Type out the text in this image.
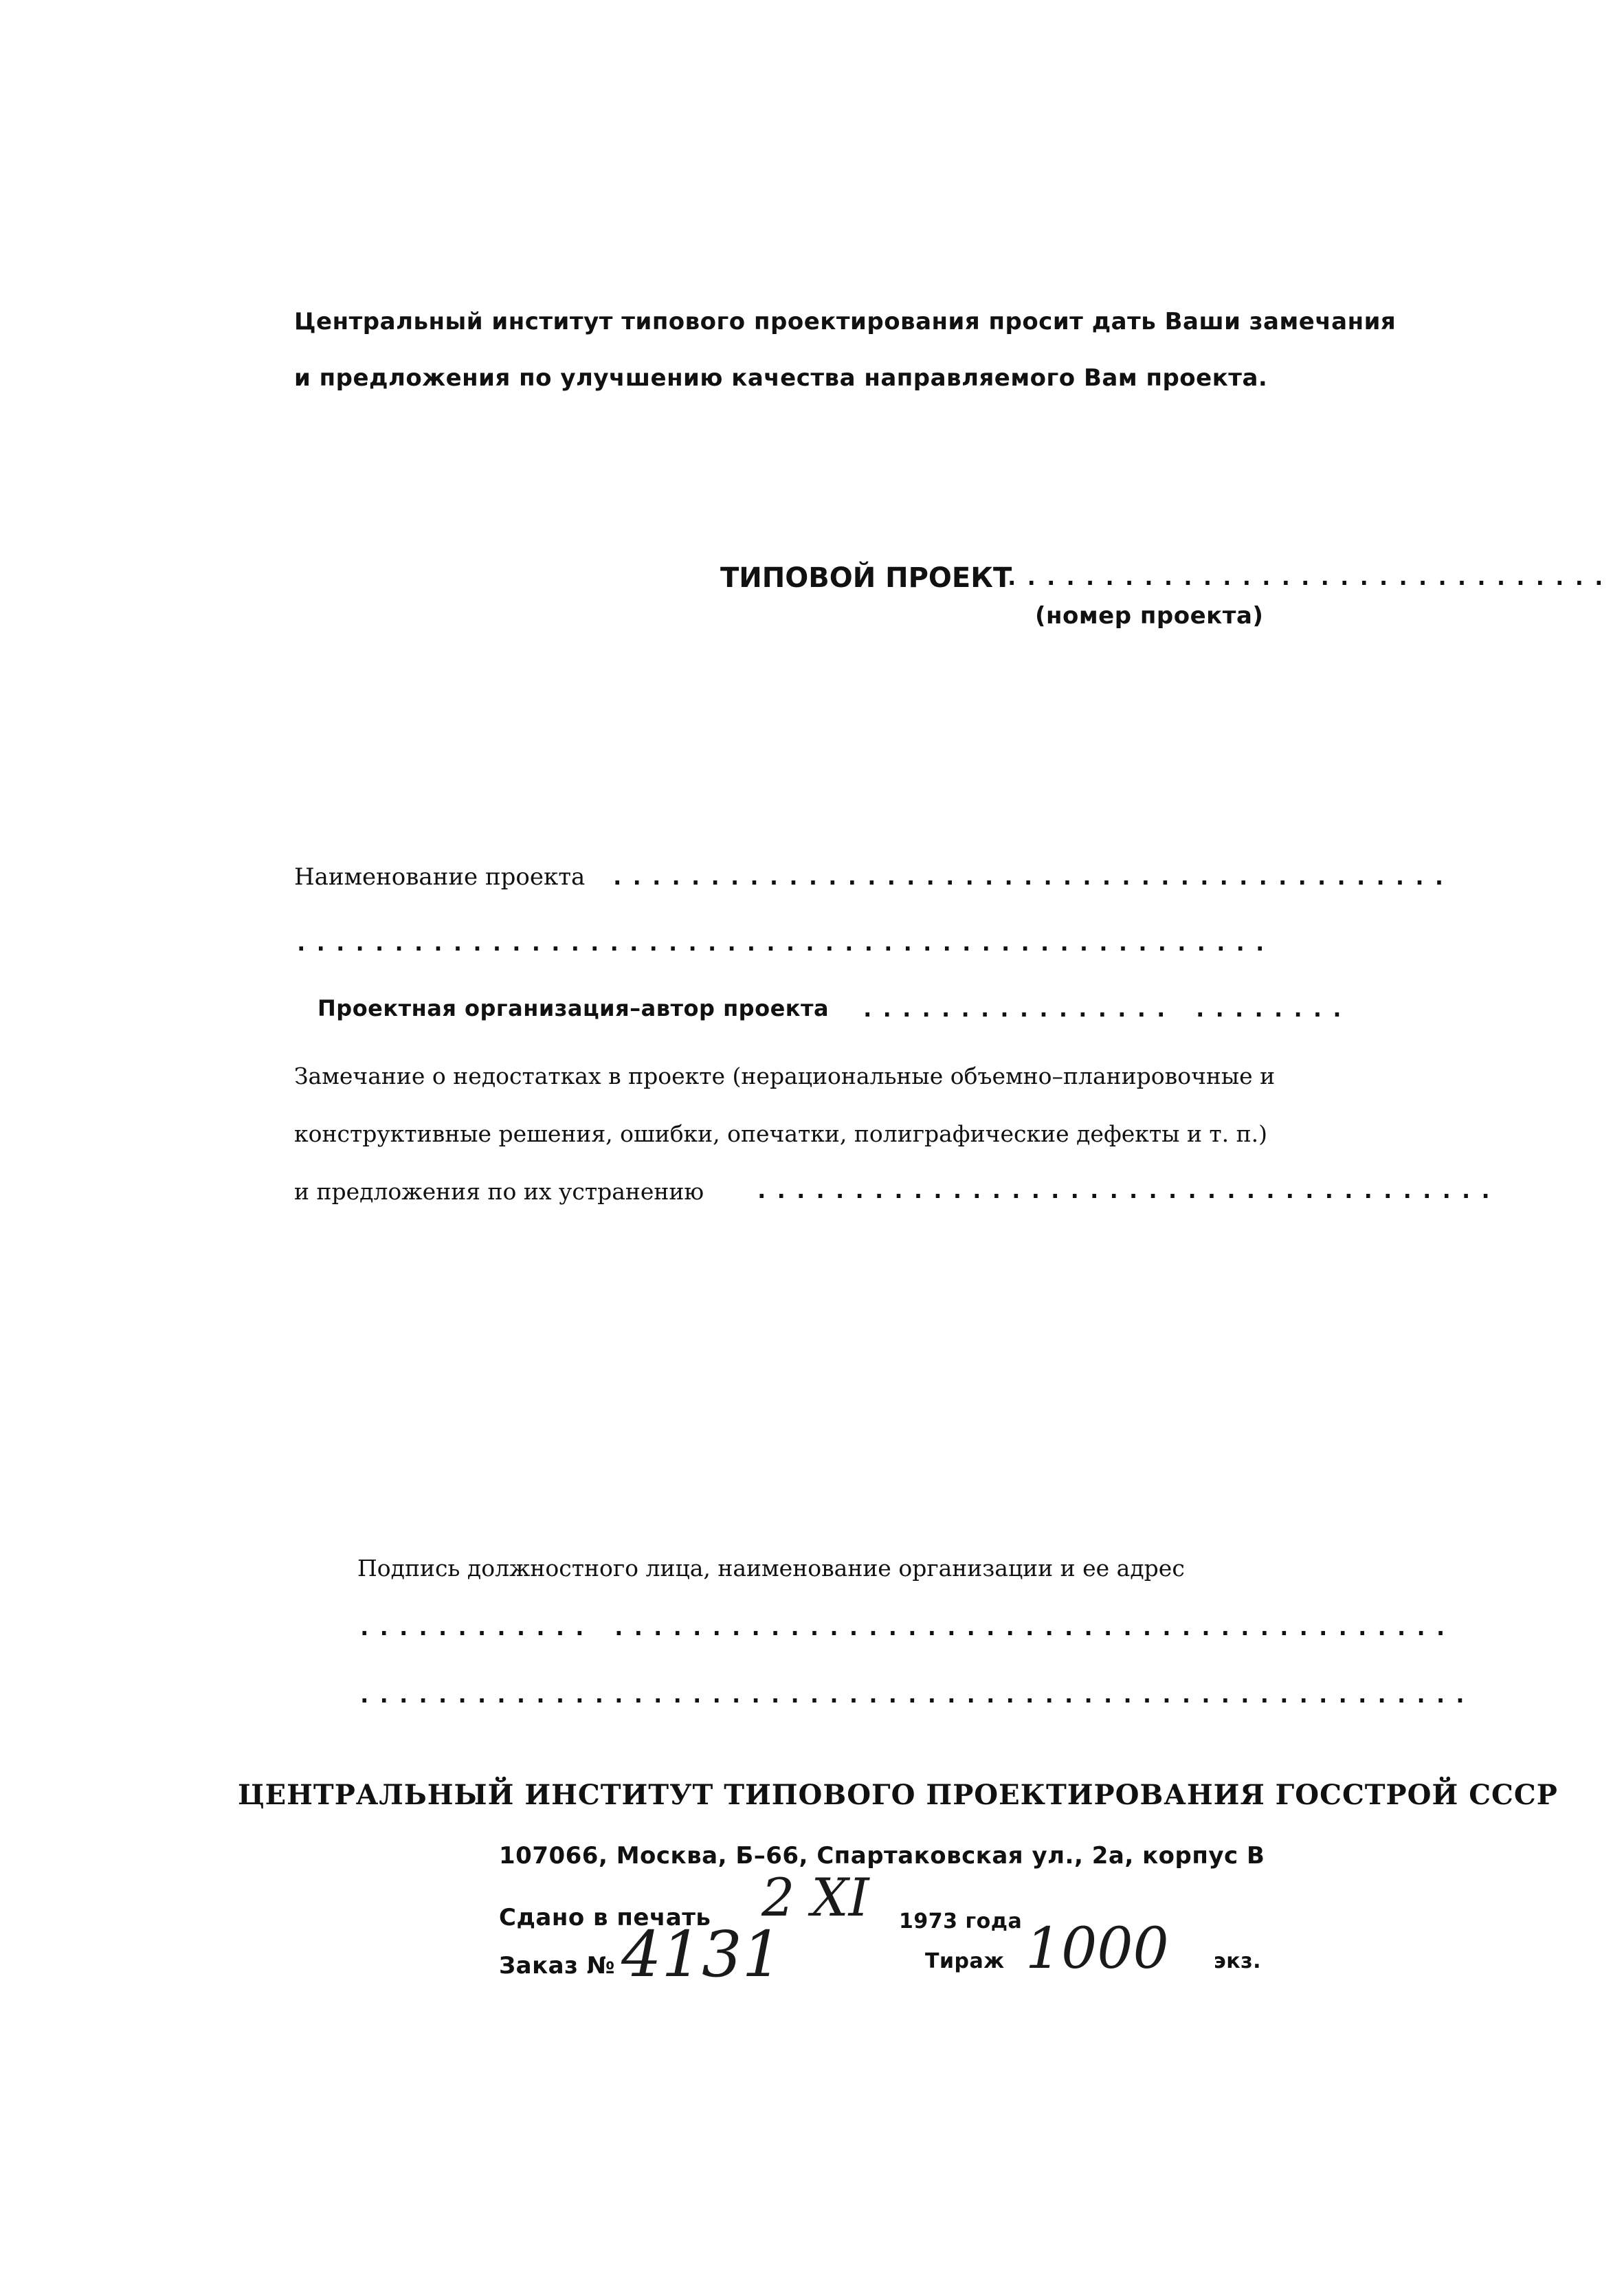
Центральный институт типового проектирования просит дать Ваши замечания
и предложения по улучшению качества направляемого Вам проекта.
ТИПОВОЙ ПРОЕКТ
...............................
(номер проекта)
Наименование проекта ...........................................
..................................................
Проектная организация–автор проекта ................ ........
Замечание о недостатках в проекте (нерациональные объемно–планировочные и
конструктивные решения, ошибки, опечатки, полиграфические дефекты и т. п.)
и предложения по их устранению ......................................
Подпись должностного лица, наименование организации и ее адрес
............ ...........................................
.........................................................
ЦЕНТРАЛЬНЫЙ ИНСТИТУТ ТИПОВОГО ПРОЕКТИРОВАНИЯ ГОССТРОЙ СССР
107066, Москва, Б–66, Спартаковская ул., 2а, корпус В
Сдано в печать 2 XI 1973 года
Заказ № 4131	Тираж 1000 экз.
